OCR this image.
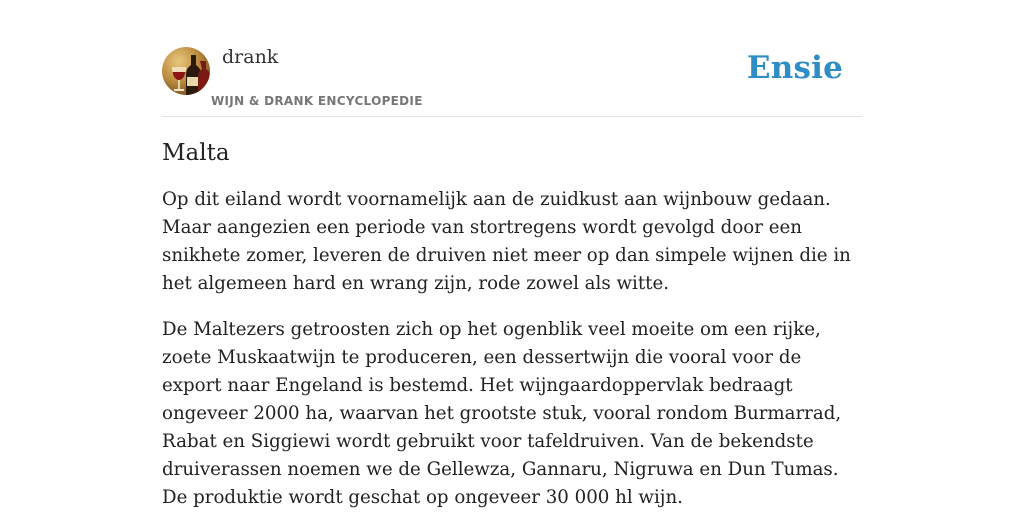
drank
WIJN & DRANK ENCYCLOPEDIE
Ensie
Malta

Op dit eiland wordt voornamelijk aan de zuidkust aan wijnbouw gedaan. Maar aangezien een periode van stortregens wordt gevolgd door een snikhete zomer, leveren de druiven niet meer op dan simpele wijnen die in het algemeen hard en wrang zijn, rode zowel als witte.

De Maltezers getroosten zich op het ogenblik veel moeite om een rijke, zoete Muskaatwijn te produceren, een dessertwijn die vooral voor de export naar Engeland is bestemd. Het wijngaardoppervlak bedraagt ongeveer 2000 ha, waarvan het grootste stuk, vooral rondom Burmarrad, Rabat en Siggiewi wordt gebruikt voor tafeldruiven. Van de bekendste druiverassen noemen we de Gellewza, Gannaru, Nigruwa en Dun Tumas. De produktie wordt geschat op ongeveer 30 000 hl wijn.
